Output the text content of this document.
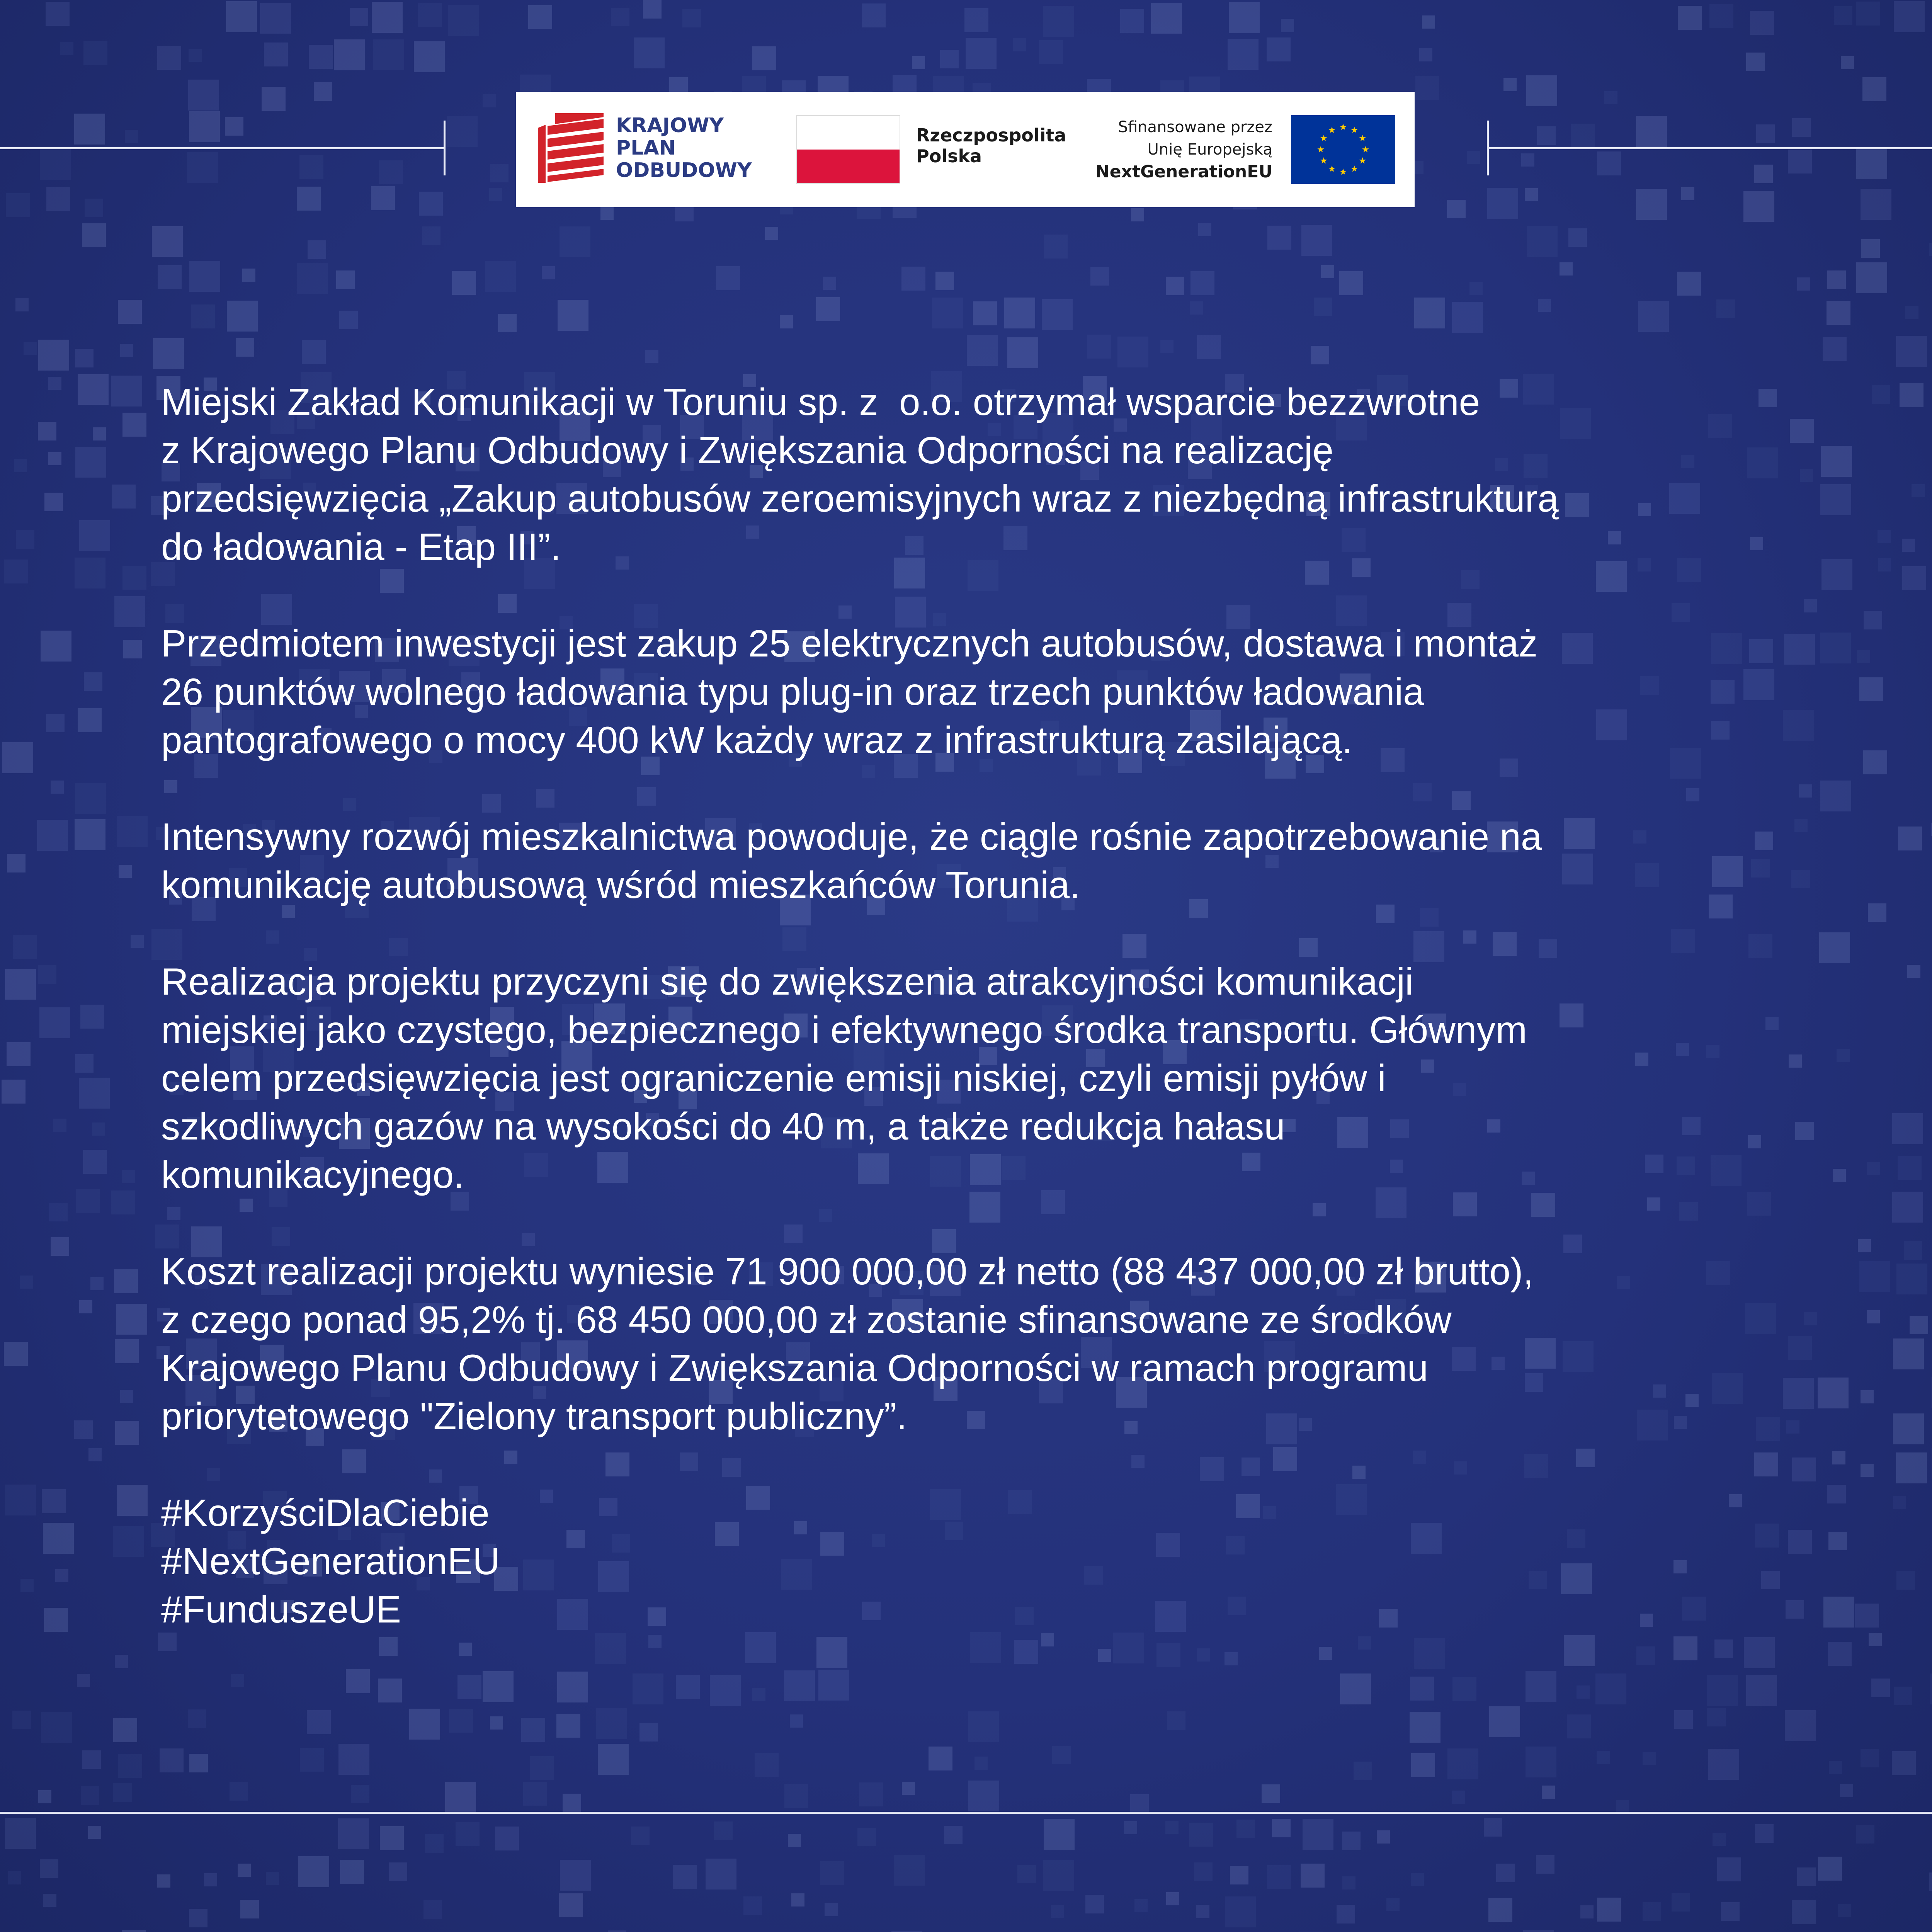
KRAJOWY
PLAN
ODBUDOWY
Rzeczpospolita
Polska
Sfinansowane przez
Unię Europejską
NextGenerationEU
Miejski Zakład Komunikacji w Toruniu sp. z  o.o. otrzymał wsparcie bezzwrotne
z Krajowego Planu Odbudowy i Zwiększania Odporności na realizację
przedsięwzięcia „Zakup autobusów zeroemisyjnych wraz z niezbędną infrastrukturą
do ładowania - Etap III”.
Przedmiotem inwestycji jest zakup 25 elektrycznych autobusów, dostawa i montaż
26 punktów wolnego ładowania typu plug-in oraz trzech punktów ładowania
pantografowego o mocy 400 kW każdy wraz z infrastrukturą zasilającą.
Intensywny rozwój mieszkalnictwa powoduje, że ciągle rośnie zapotrzebowanie na
komunikację autobusową wśród mieszkańców Torunia.
Realizacja projektu przyczyni się do zwiększenia atrakcyjności komunikacji
miejskiej jako czystego, bezpiecznego i efektywnego środka transportu. Głównym
celem przedsięwzięcia jest ograniczenie emisji niskiej, czyli emisji pyłów i
szkodliwych gazów na wysokości do 40 m, a także redukcja hałasu
komunikacyjnego.
Koszt realizacji projektu wyniesie 71 900 000,00 zł netto (88 437 000,00 zł brutto),
z czego ponad 95,2% tj. 68 450 000,00 zł zostanie sfinansowane ze środków
Krajowego Planu Odbudowy i Zwiększania Odporności w ramach programu
priorytetowego "Zielony transport publiczny”.
#KorzyściDlaCiebie
#NextGenerationEU
#FunduszeUE
